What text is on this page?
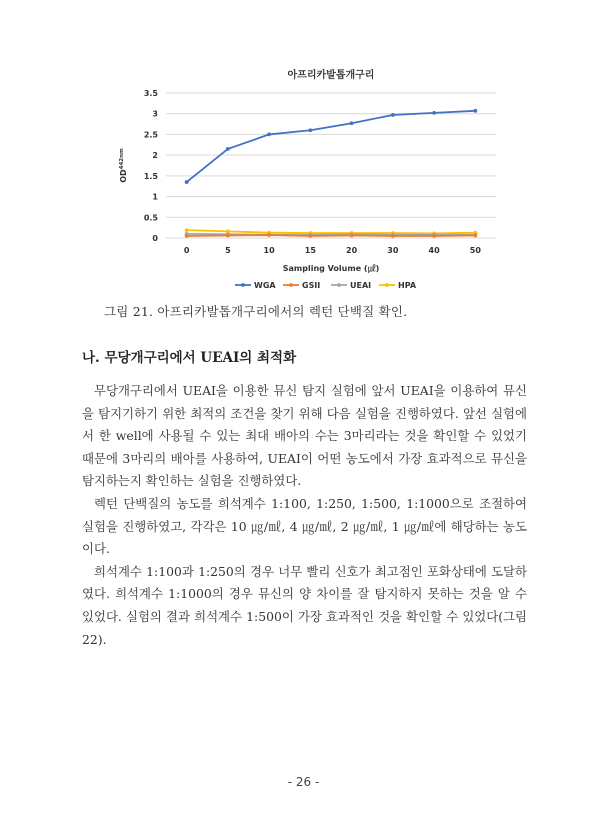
아프리카발톱개구리
0
0.5
1
1.5
2
2.5
3
3.5
0	5	10	15	20	30	40	50
$OD^{442nm}$
Sampling Volume (㎕)
WGA	GSII	UEAI	HPA
그림 21. 아프리카발톱개구리에서의 렉턴 단백질 확인.
나. 무당개구리에서 UEAI의 최적화

무당개구리에서 UEAI을 이용한 뮤신 탐지 실험에 앞서 UEAI을 이용하여 뮤신을 탐지기하기 위한 최적의 조건을 찾기 위해 다음 실험을 진행하였다. 앞선 실험에서 한 well에 사용될 수 있는 최대 배아의 수는 3마리라는 것을 확인할 수 있었기 때문에 3마리의 배아를 사용하여, UEAI이 어떤 농도에서 가장 효과적으로 뮤신을 탐지하는지 확인하는 실험을 진행하였다.

렉턴 단백질의 농도를 희석계수 1:100, 1:250, 1:500, 1:1000으로 조절하여 실험을 진행하였고, 각각은 10 ㎍/㎖, 4 ㎍/㎖, 2 ㎍/㎖, 1 ㎍/㎖에 해당하는 농도이다.

희석계수 1:100과 1:250의 경우 너무 빨리 신호가 최고점인 포화상태에 도달하였다. 희석계수 1:1000의 경우 뮤신의 양 차이를 잘 탐지하지 못하는 것을 알 수 있었다. 실험의 결과 희석계수 1:500이 가장 효과적인 것을 확인할 수 있었다(그림 22).

- 26 -
